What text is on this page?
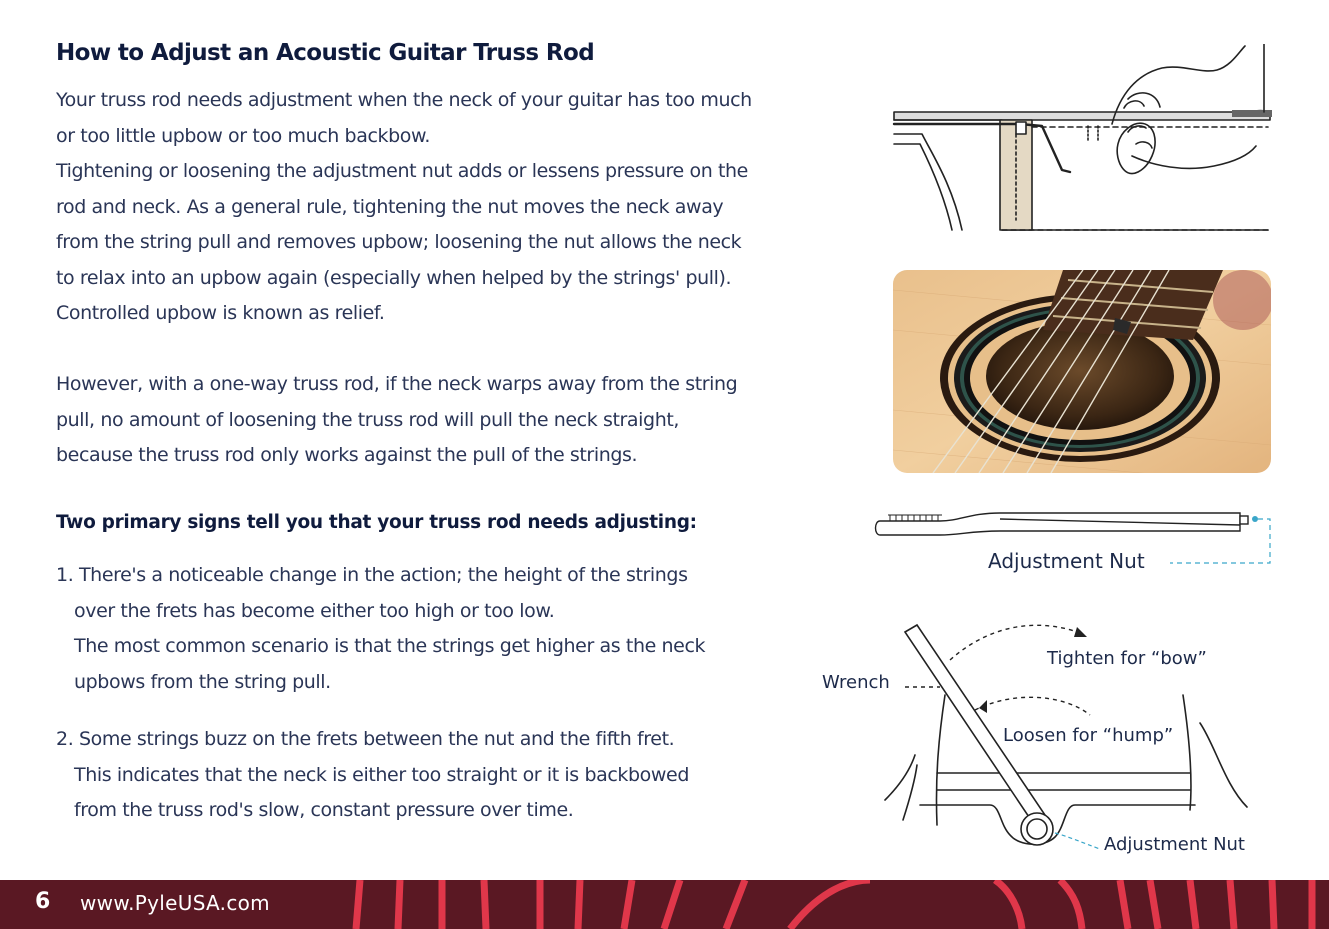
How to Adjust an Acoustic Guitar Truss Rod
Your truss rod needs adjustment when the neck of your guitar has too much
or too little upbow or too much backbow.
Tightening or loosening the adjustment nut adds or lessens pressure on the
rod and neck. As a general rule, tightening the nut moves the neck away
from the string pull and removes upbow; loosening the nut allows the neck
to relax into an upbow again (especially when helped by the strings' pull).
Controlled upbow is known as relief.
However, with a one-way truss rod, if the neck warps away from the string
pull, no amount of loosening the truss rod will pull the neck straight,
because the truss rod only works against the pull of the strings.
Two primary signs tell you that your truss rod needs adjusting:
1. There's a noticeable change in the action; the height of the strings
over the frets has become either too high or too low.
The most common scenario is that the strings get higher as the neck
upbows from the string pull.
2. Some strings buzz on the frets between the nut and the fifth fret.
This indicates that the neck is either too straight or it is backbowed
from the truss rod's slow, constant pressure over time.
Adjustment Nut
Wrench
Tighten for “bow”
Loosen for “hump”
Adjustment Nut
6 www.PyleUSA.com
